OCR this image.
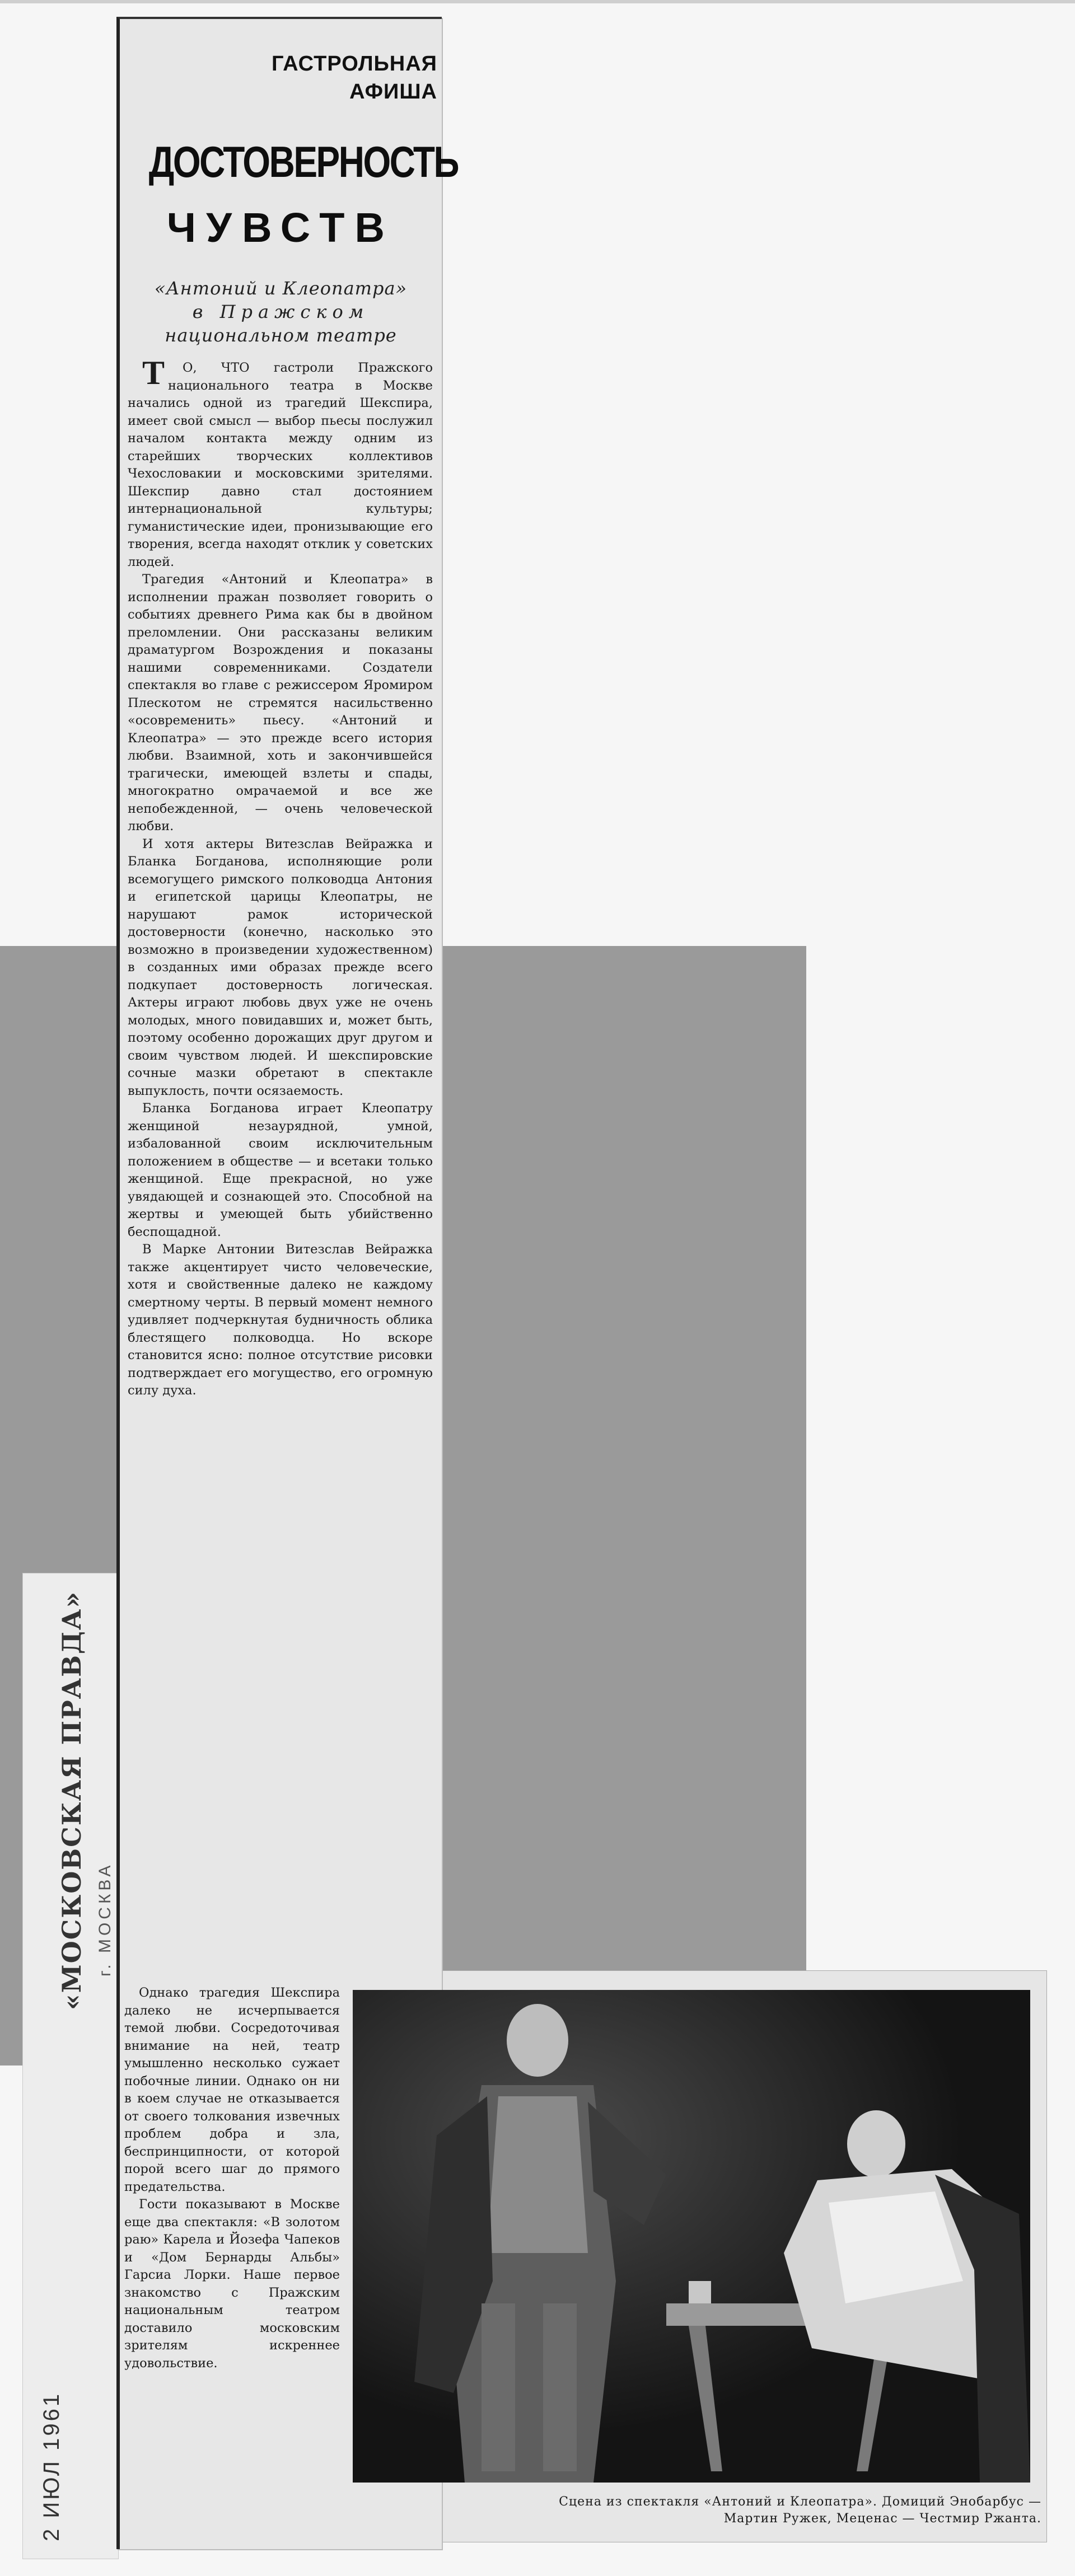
«МОСКОВСКАЯ ПРАВДА» г. МОСКВА
2 ИЮЛ 1961
ГАСТРОЛЬНАЯ
АФИША
ДОСТОВЕРНОСТЬ
ЧУВСТВ
«Антоний и Клеопатра»
в Пражском
национальном театре

ТО, ЧТО гастроли Пражского национального театра в Москве начались одной из трагедий Шекспира, имеет свой смысл — выбор пьесы послужил началом контакта между одним из старейших творческих коллективов Чехословакии и московскими зрителями. Шекспир давно стал достоянием интернациональной культуры; гуманистические идеи, пронизывающие его творения, всегда находят отклик у советских людей.

Трагедия «Антоний и Клеопатра» в исполнении пражан позволяет говорить о событиях древнего Рима как бы в двойном преломлении. Они рассказаны великим драматургом Возрождения и показаны нашими современниками. Создатели спектакля во главе с режиссером Яромиром Плескотом не стремятся насильственно «осовременить» пьесу. «Антоний и Клеопатра» — это прежде всего история любви. Взаимной, хоть и закончившейся трагически, имеющей взлеты и спады, многократно омрачаемой и все же непобежденной, — очень человеческой любви.

И хотя актеры Витезслав Вейражка и Бланка Богданова, исполняющие роли всемогущего римского полководца Антония и египетской царицы Клеопатры, не нарушают рамок исторической достоверности (конечно, насколько это возможно в произведении художественном) в созданных ими образах прежде всего подкупает достоверность логическая. Актеры играют любовь двух уже не очень молодых, много повидавших и, может быть, поэтому особенно дорожащих друг другом и своим чувством людей. И шекспировские сочные мазки обретают в спектакле выпуклость, почти осязаемость.

Бланка Богданова играет Клеопатру женщиной незаурядной, умной, избалованной своим исключительным положением в обществе — и всетаки только женщиной. Еще прекрасной, но уже увядающей и сознающей это. Способной на жертвы и умеющей быть убийственно беспощадной.

В Марке Антонии Витезслав Вейражка также акцентирует чисто человеческие, хотя и свойственные далеко не каждому смертному черты. В первый момент немного удивляет подчеркнутая будничность облика блестящего полководца. Но вскоре становится ясно: полное отсутствие рисовки подтверждает его могущество, его огромную силу духа.

Однако трагедия Шекспира далеко не исчерпывается темой любви. Сосредоточивая внимание на ней, театр умышленно несколько сужает побочные линии. Однако он ни в коем случае не отказывается от своего толкования извечных проблем добра и зла, беспринципности, от которой порой всего шаг до прямого предательства.

Гости показывают в Москве еще два спектакля: «В золотом раю» Карела и Йозефа Чапеков и «Дом Бернарды Альбы» Гарсиа Лорки. Наше первое знакомство с Пражским национальным театром доставило московским зрителям искреннее удовольствие.

Сцена из спектакля «Антоний и Клеопатра». Домиций Энобарбус —
Мартин Ружек, Меценас — Честмир Ржанта.
